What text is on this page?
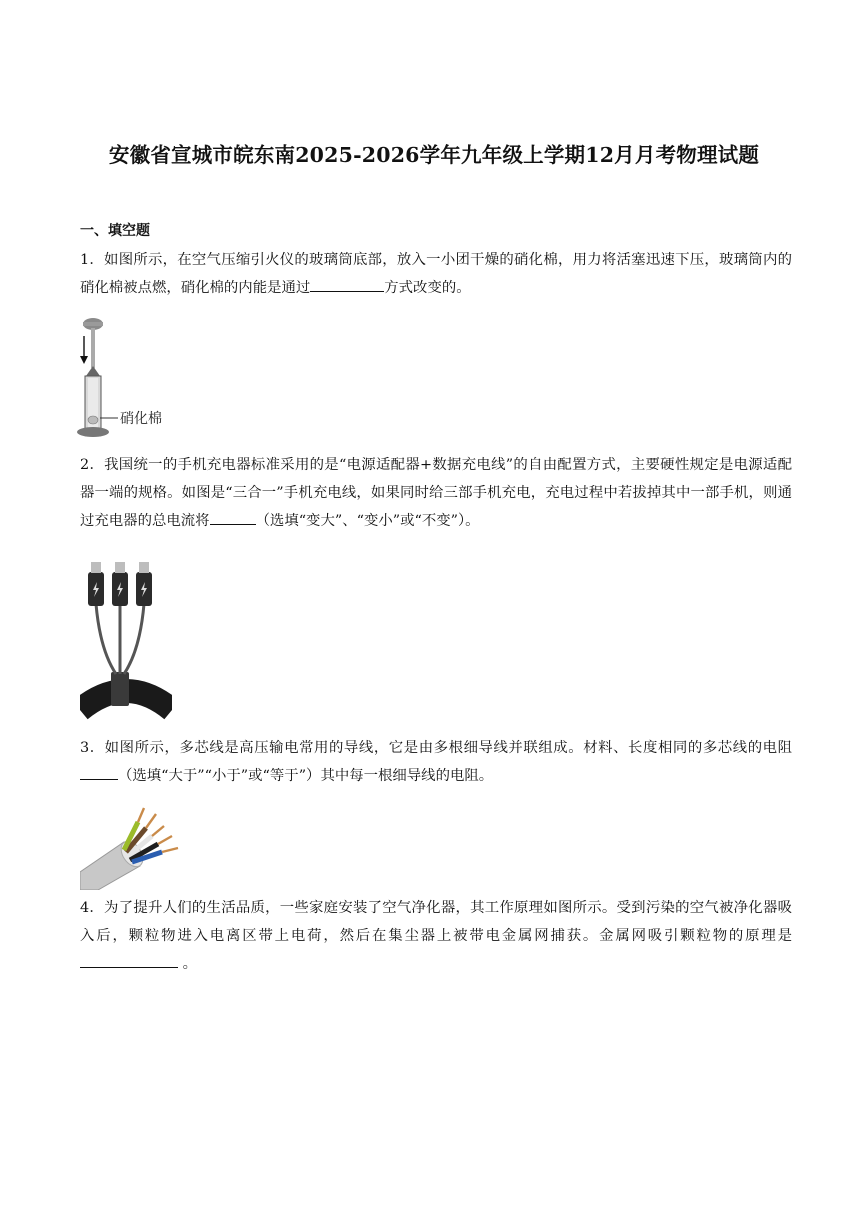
安徽省宣城市皖东南2025-2026学年九年级上学期12月月考物理试题
一、填空题
1．如图所示，在空气压缩引火仪的玻璃筒底部，放入一小团干燥的硝化棉，用力将活塞迅速下压，玻璃筒内的硝化棉被点燃，硝化棉的内能是通过	方式改变的。
硝化棉
2．我国统一的手机充电器标准采用的是“电源适配器+数据充电线”的自由配置方式，主要硬性规定是电源适配器一端的规格。如图是“三合一”手机充电线，如果同时给三部手机充电，充电过程中若拔掉其中一部手机，则通过充电器的总电流将	（选填“变大”、“变小”或“不变”）。
3．如图所示，多芯线是高压输电常用的导线，它是由多根细导线并联组成。材料、长度相同的多芯线的电阻 （选填“大于”“小于”或“等于”）其中每一根细导线的电阻。
4．为了提升人们的生活品质，一些家庭安装了空气净化器，其工作原理如图所示。受到污染的空气被净化器吸入后，颗粒物进入电离区带上电荷，然后在集尘器上被带电金属网捕获。金属网吸引颗粒物的原理是  。
